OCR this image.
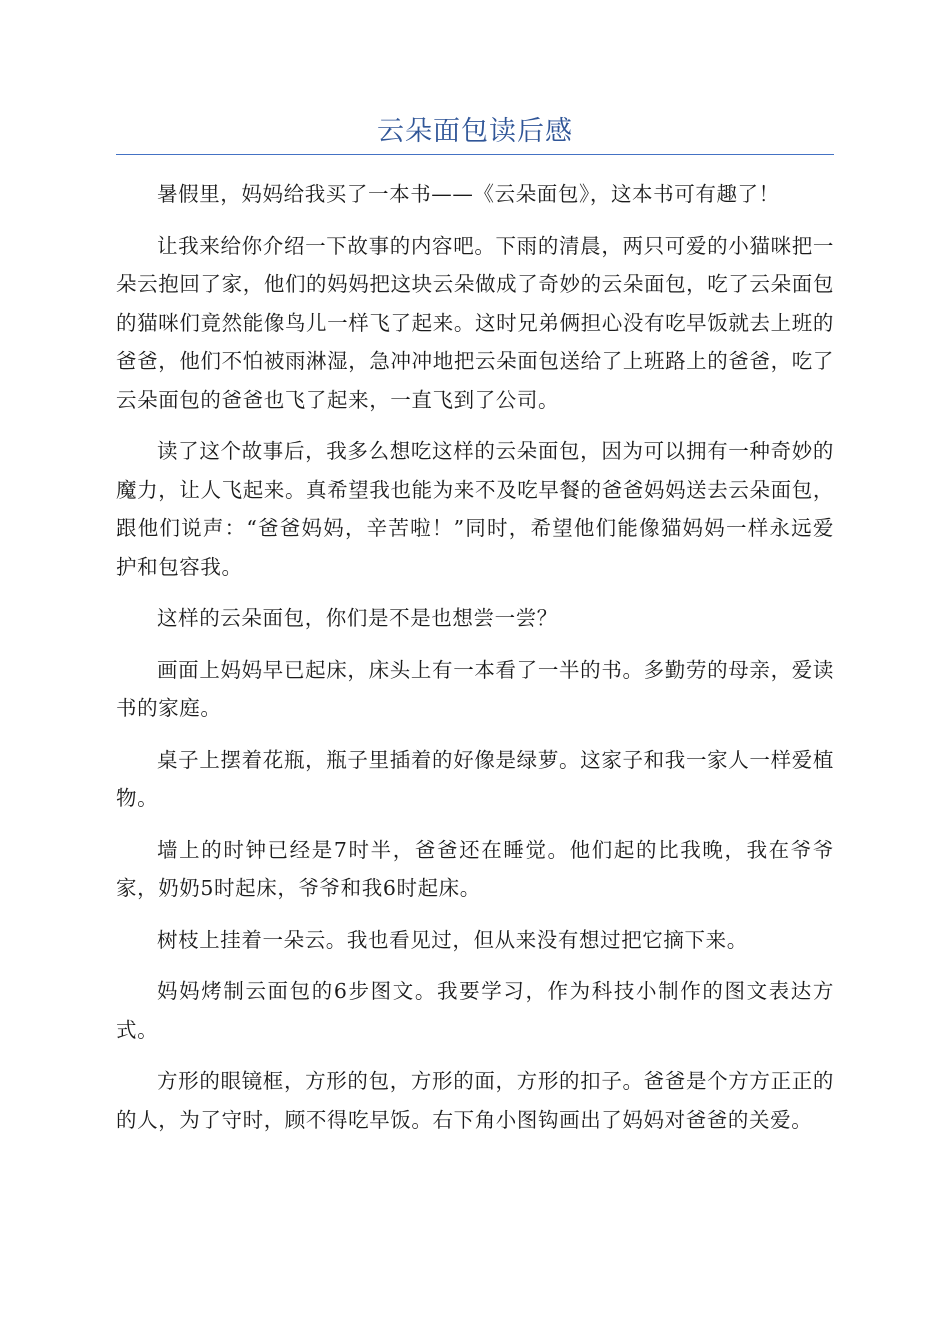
云朵面包读后感

暑假里，妈妈给我买了一本书——《云朵面包》，这本书可有趣了！

让我来给你介绍一下故事的内容吧。下雨的清晨，两只可爱的小猫咪把一朵云抱回了家，他们的妈妈把这块云朵做成了奇妙的云朵面包，吃了云朵面包的猫咪们竟然能像鸟儿一样飞了起来。这时兄弟俩担心没有吃早饭就去上班的爸爸，他们不怕被雨淋湿，急冲冲地把云朵面包送给了上班路上的爸爸，吃了云朵面包的爸爸也飞了起来，一直飞到了公司。

读了这个故事后，我多么想吃这样的云朵面包，因为可以拥有一种奇妙的魔力，让人飞起来。真希望我也能为来不及吃早餐的爸爸妈妈送去云朵面包，跟他们说声：“爸爸妈妈，辛苦啦！”同时，希望他们能像猫妈妈一样永远爱护和包容我。

这样的云朵面包，你们是不是也想尝一尝？

画面上妈妈早已起床，床头上有一本看了一半的书。多勤劳的母亲，爱读书的家庭。

桌子上摆着花瓶，瓶子里插着的好像是绿萝。这家子和我一家人一样爱植物。

墙上的时钟已经是7时半，爸爸还在睡觉。他们起的比我晚，我在爷爷家，奶奶5时起床，爷爷和我6时起床。

树枝上挂着一朵云。我也看见过，但从来没有想过把它摘下来。

妈妈烤制云面包的6步图文。我要学习，作为科技小制作的图文表达方式。

方形的眼镜框，方形的包，方形的面，方形的扣子。爸爸是个方方正正的的人，为了守时，顾不得吃早饭。右下角小图钩画出了妈妈对爸爸的关爱。
